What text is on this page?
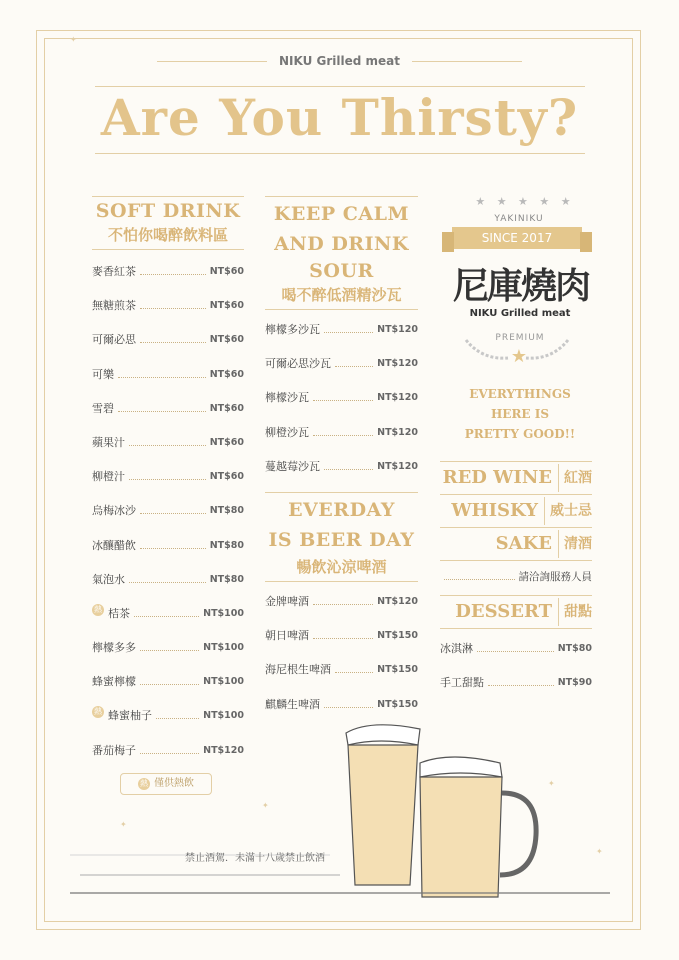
NIKU Grilled meat
Are You Thirsty?
SOFT DRINK
不怕你喝醉飲料區
麥香紅茶	NT$60
無糖煎茶	NT$60
可爾必思	NT$60
可樂	NT$60
雪碧	NT$60
蘋果汁	NT$60
柳橙汁	NT$60
烏梅冰沙	NT$80
冰釀醋飲	NT$80
氣泡水	NT$80
熱 桔茶	NT$100
檸檬多多	NT$100
蜂蜜檸檬	NT$100
熱 蜂蜜柚子	NT$100
番茄梅子	NT$120
熱 僅供熱飲
KEEP CALM
AND DRINK
SOUR
喝不醉低酒精沙瓦
檸檬多沙瓦	NT$120
可爾必思沙瓦	NT$120
檸檬沙瓦	NT$120
柳橙沙瓦	NT$120
蔓越莓沙瓦	NT$120
EVERDAY
IS BEER DAY
暢飲沁涼啤酒
金牌啤酒	NT$120
朝日啤酒	NT$150
海尼根生啤酒	NT$150
麒麟生啤酒	NT$150
★ ★ ★ ★ ★
YAKINIKU
SINCE 2017
尼庫燒肉
NIKU Grilled meat
PREMIUM
★
EVERYTHINGS
HERE IS
PRETTY GOOD!!
RED WINE 紅酒
WHISKY 威士忌
SAKE 清酒
請洽詢服務人員
DESSERT 甜點
冰淇淋	NT$80
手工甜點	NT$90
禁止酒駕．未滿十八歲禁止飲酒
✦
✦
✦
✦
✦
